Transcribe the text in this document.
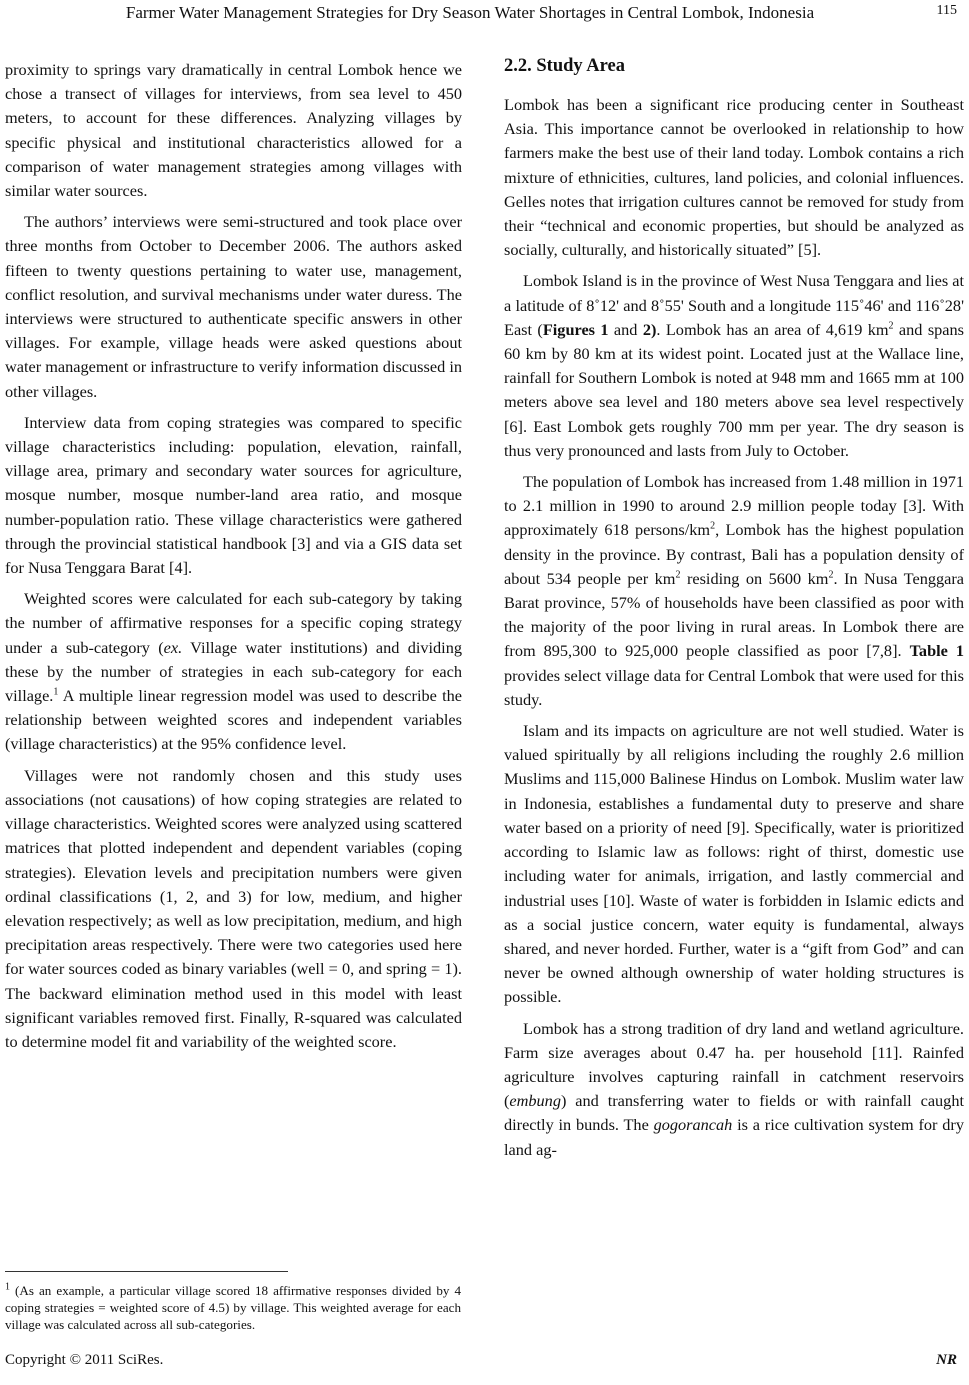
Farmer Water Management Strategies for Dry Season Water Shortages in Central Lombok, Indonesia	115

proximity to springs vary dramatically in central Lombok hence we chose a transect of villages for interviews, from sea level to 450 meters, to account for these differences. Analyzing villages by specific physical and institutional characteristics allowed for a comparison of water management strategies among villages with similar water sources.

The authors’ interviews were semi-structured and took place over three months from October to December 2006. The authors asked fifteen to twenty questions pertaining to water use, management, conflict resolution, and survival mechanisms under water duress. The interviews were structured to authenticate specific answers in other villages. For example, village heads were asked questions about water management or infrastructure to verify information discussed in other villages.

Interview data from coping strategies was compared to specific village characteristics including: population, elevation, rainfall, village area, primary and secondary water sources for agriculture, mosque number, mosque number-land area ratio, and mosque number-population ratio. These village characteristics were gathered through the provincial statistical handbook [3] and via a GIS data set for Nusa Tenggara Barat [4].

Weighted scores were calculated for each sub-category by taking the number of affirmative responses for a specific coping strategy under a sub-category (ex. Village water institutions) and dividing these by the number of strategies in each sub-category for each village.$^1$ A multiple linear regression model was used to describe the relationship between weighted scores and independent variables (village characteristics) at the 95% confidence level.

Villages were not randomly chosen and this study uses associations (not causations) of how coping strategies are related to village characteristics. Weighted scores were analyzed using scattered matrices that plotted independent and dependent variables (coping strategies). Elevation levels and precipitation numbers were given ordinal classifications (1, 2, and 3) for low, medium, and higher elevation respectively; as well as low precipitation, medium, and high precipitation areas respectively. There were two categories used here for water sources coded as binary variables (well = 0, and spring = 1). The backward elimination method used in this model with least significant variables removed first. Finally, R-squared was calculated to determine model fit and variability of the weighted score.

$^1$ (As an example, a particular village scored 18 affirmative responses divided by 4 coping strategies = weighted score of 4.5) by village. This weighted average for each village was calculated across all sub-categories.
2.2. Study Area

Lombok has been a significant rice producing center in Southeast Asia. This importance cannot be overlooked in relationship to how farmers make the best use of their land today. Lombok contains a rich mixture of ethnicities, cultures, land policies, and colonial influences. Gelles notes that irrigation cultures cannot be removed for study from their “technical and economic properties, but should be analyzed as socially, culturally, and historically situated” [5].

Lombok Island is in the province of West Nusa Tenggara and lies at a latitude of 8˚12' and 8˚55' South and a longitude 115˚46' and 116˚28' East (Figures 1 and 2). Lombok has an area of 4,619 $km^2$ and spans 60 km by 80 km at its widest point. Located just at the Wallace line, rainfall for Southern Lombok is noted at 948 mm and 1665 mm at 100 meters above sea level and 180 meters above sea level respectively [6]. East Lombok gets roughly 700 mm per year. The dry season is thus very pronounced and lasts from July to October.

The population of Lombok has increased from 1.48 million in 1971 to 2.1 million in 1990 to around 2.9 million people today [3]. With approximately 618 persons/$km^2$, Lombok has the highest population density in the province. By contrast, Bali has a population density of about 534 people per $km^2$ residing on 5600 $km^2$. In Nusa Tenggara Barat province, 57% of households have been classified as poor with the majority of the poor living in rural areas. In Lombok there are from 895,300 to 925,000 people classified as poor [7,8]. Table 1 provides select village data for Central Lombok that were used for this study.

Islam and its impacts on agriculture are not well studied. Water is valued spiritually by all religions including the roughly 2.6 million Muslims and 115,000 Balinese Hindus on Lombok. Muslim water law in Indonesia, establishes a fundamental duty to preserve and share water based on a priority of need [9]. Specifically, water is prioritized according to Islamic law as follows: right of thirst, domestic use including water for animals, irrigation, and lastly commercial and industrial uses [10]. Waste of water is forbidden in Islamic edicts and as a social justice concern, water equity is fundamental, always shared, and never horded. Further, water is a “gift from God” and can never be owned although ownership of water holding structures is possible.

Lombok has a strong tradition of dry land and wetland agriculture. Farm size averages about 0.47 ha. per household [11]. Rainfed agriculture involves capturing rainfall in catchment reservoirs (embung) and transferring water to fields or with rainfall caught directly in bunds. The gogorancah is a rice cultivation system for dry land ag-

Copyright © 2011 SciRes.	NR
